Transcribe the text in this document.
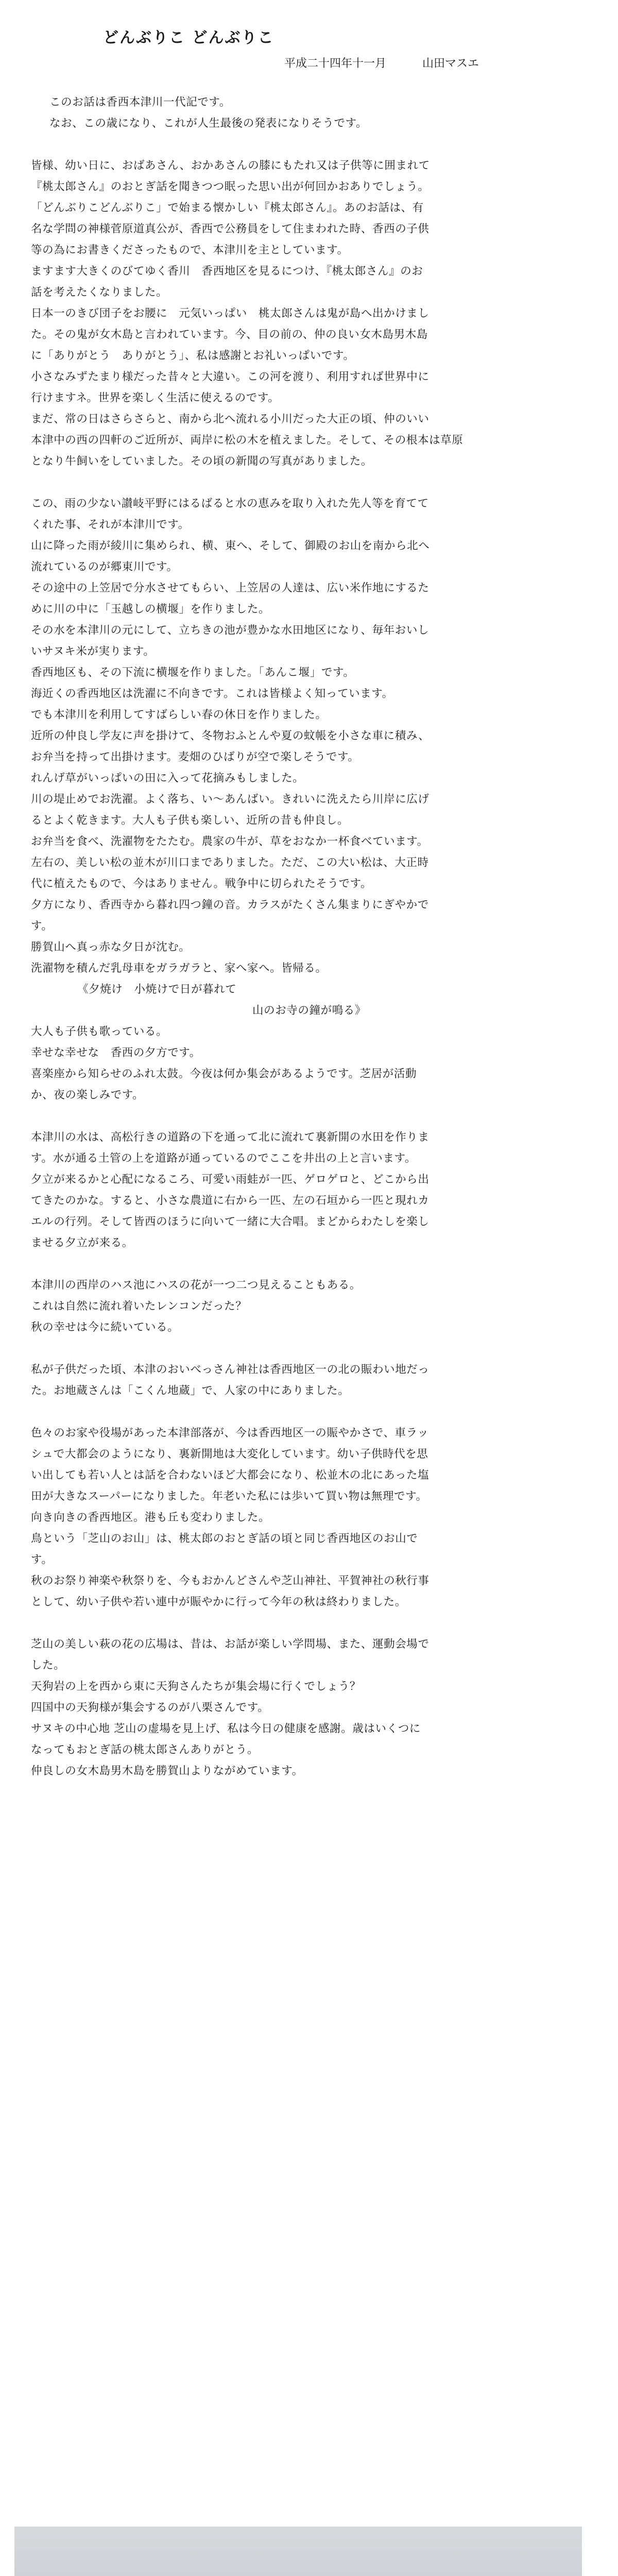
どんぶりこ どんぶりこ
平成二十四年十一月	山田マスエ

このお話は香西本津川一代記です。

なお、この歳になり、これが人生最後の発表になりそうです。

皆様、幼い日に、おばあさん、おかあさんの膝にもたれ又は子供等に囲まれて

『桃太郎さん』のおとぎ話を聞きつつ眠った思い出が何回かおありでしょう。

「どんぶりこどんぶりこ」で始まる懐かしい『桃太郎さん』。あのお話は、有

名な学問の神様菅原道真公が、香西で公務員をして住まわれた時、香西の子供

等の為にお書きくださったもので、本津川を主としています。

ますます大きくのびてゆく香川　香西地区を見るにつけ、『桃太郎さん』のお

話を考えたくなりました。

日本一のきび団子をお腰に　元気いっぱい　桃太郎さんは鬼が島へ出かけまし

た。その鬼が女木島と言われています。今、目の前の、仲の良い女木島男木島

に「ありがとう　ありがとう」、私は感謝とお礼いっぱいです。

小さなみずたまり様だった昔々と大違い。この河を渡り、利用すれば世界中に

行けますネ。世界を楽しく生活に使えるのです。

まだ、常の日はさらさらと、南から北へ流れる小川だった大正の頃、仲のいい

本津中の西の四軒のご近所が、両岸に松の木を植えました。そして、その根本は草原

となり牛飼いをしていました。その頃の新聞の写真がありました。

この、雨の少ない讃岐平野にはるばると水の恵みを取り入れた先人等を育てて

くれた事、それが本津川です。

山に降った雨が綾川に集められ、横、東へ、そして、御殿のお山を南から北へ

流れているのが郷東川です。

その途中の上笠居で分水させてもらい、上笠居の人達は、広い米作地にするた

めに川の中に「玉越しの横堰」を作りました。

その水を本津川の元にして、立ちきの池が豊かな水田地区になり、毎年おいし

いサヌキ米が実ります。

香西地区も、その下流に横堰を作りました。「あんこ堰」です。

海近くの香西地区は洗濯に不向きです。これは皆様よく知っています。

でも本津川を利用してすばらしい春の休日を作りました。

近所の仲良し学友に声を掛けて、冬物おふとんや夏の蚊帳を小さな車に積み、

お弁当を持って出掛けます。麦畑のひばりが空で楽しそうです。

れんげ草がいっぱいの田に入って花摘みもしました。

川の堤止めでお洗濯。よく落ち、い～あんばい。きれいに洗えたら川岸に広げ

るとよく乾きます。大人も子供も楽しい、近所の昔も仲良し。

お弁当を食べ、洗濯物をたたむ。農家の牛が、草をおなか一杯食べています。

左右の、美しい松の並木が川口までありました。ただ、この大い松は、大正時

代に植えたもので、今はありません。戦争中に切られたそうです。

夕方になり、香西寺から暮れ四つ鐘の音。カラスがたくさん集まりにぎやかで

す。

勝賀山へ真っ赤な夕日が沈む。

洗濯物を積んだ乳母車をガラガラと、家へ家へ。皆帰る。

《夕焼け　小焼けで日が暮れて

山のお寺の鐘が鳴る》

大人も子供も歌っている。

幸せな幸せな　香西の夕方です。

喜楽座から知らせのふれ太鼓。今夜は何か集会があるようです。芝居が活動

か、夜の楽しみです。

本津川の水は、高松行きの道路の下を通って北に流れて裏新開の水田を作りま

す。水が通る土管の上を道路が通っているのでここを井出の上と言います。

夕立が来るかと心配になるころ、可愛い雨蛙が一匹、ゲロゲロと、どこから出

てきたのかな。すると、小さな農道に右から一匹、左の石垣から一匹と現れカ

エルの行列。そして皆西のほうに向いて一緒に大合唱。まどからわたしを楽し

ませる夕立が来る。

本津川の西岸のハス池にハスの花が一つ二つ見えることもある。

これは自然に流れ着いたレンコンだった？

秋の幸せは今に続いている。

私が子供だった頃、本津のおいべっさん神社は香西地区一の北の賑わい地だっ

た。お地蔵さんは「こくん地蔵」で、人家の中にありました。

色々のお家や役場があった本津部落が、今は香西地区一の賑やかさで、車ラッ

シュで大都会のようになり、裏新開地は大変化しています。幼い子供時代を思

い出しても若い人とは話を合わないほど大都会になり、松並木の北にあった塩

田が大きなスーパーになりました。年老いた私には歩いて買い物は無理です。

向き向きの香西地区。港も丘も変わりました。

鳥という「芝山のお山」は、桃太郎のおとぎ話の頃と同じ香西地区のお山で

す。

秋のお祭り神楽や秋祭りを、今もおかんどさんや芝山神社、平賀神社の秋行事

として、幼い子供や若い連中が賑やかに行って今年の秋は終わりました。

芝山の美しい萩の花の広場は、昔は、お話が楽しい学問場、また、運動会場で

した。

天狗岩の上を西から東に天狗さんたちが集会場に行くでしょう？

四国中の天狗様が集会するのが八栗さんです。

サヌキの中心地 芝山の虚場を見上げ、私は今日の健康を感謝。歳はいくつに

なってもおとぎ話の桃太郎さんありがとう。

仲良しの女木島男木島を勝賀山よりながめています。
